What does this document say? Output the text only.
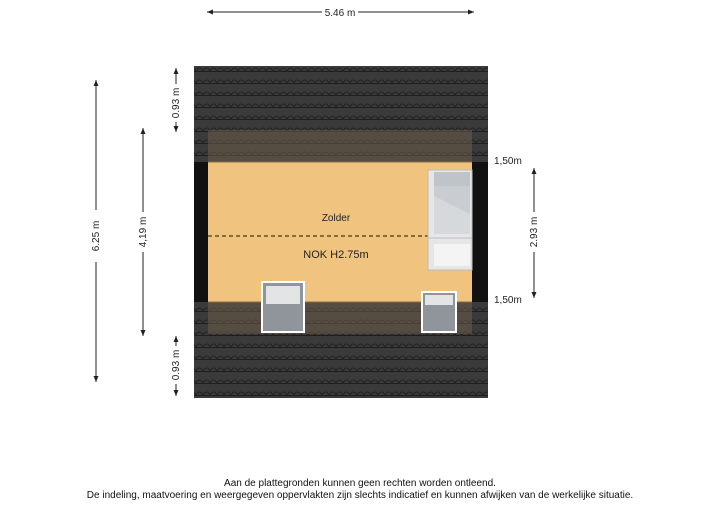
5.46 m
6.25 m	4,19 m
0.93 m
0.93 m
Zolder
NOK H2.75m
2.93 m
1,50m
1,50m
Aan de plattegronden kunnen geen rechten worden ontleend.
De indeling, maatvoering en weergegeven oppervlakten zijn slechts indicatief en kunnen afwijken van de werkelijke situatie.
